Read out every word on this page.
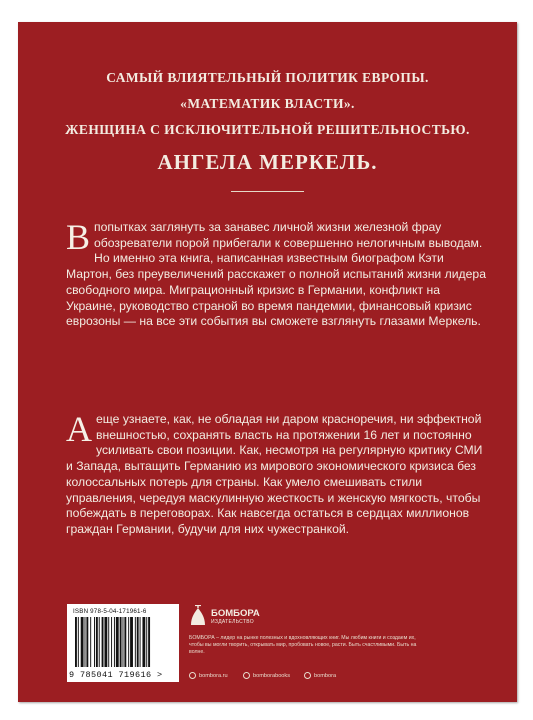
САМЫЙ ВЛИЯТЕЛЬНЫЙ ПОЛИТИК ЕВРОПЫ.
«МАТЕМАТИК ВЛАСТИ».
ЖЕНЩИНА С ИСКЛЮЧИТЕЛЬНОЙ РЕШИТЕЛЬНОСТЬЮ.
АНГЕЛА МЕРКЕЛЬ.
В попытках заглянуть за занавес личной жизни железной фрау обозреватели порой прибегали к совершенно нелогичным выводам. Но именно эта книга, написанная известным биографом Кэти Мартон, без преувеличений расскажет о полной испытаний жизни лидера свободного мира. Миграционный кризис в Германии, конфликт на Украине, руководство страной во время пандемии, финансовый кризис еврозоны — на все эти события вы сможете взглянуть глазами Меркель.
А еще узнаете, как, не обладая ни даром красноречия, ни эффектной внешностью, сохранять власть на протяжении 16 лет и постоянно усиливать свои позиции. Как, несмотря на регулярную критику СМИ и Запада, вытащить Германию из мирового экономического кризиса без колоссальных потерь для страны. Как умело смешивать стили управления, чередуя маскулинную жесткость и женскую мягкость, чтобы побеждать в переговорах. Как навсегда остаться в сердцах миллионов граждан Германии, будучи для них чужестранкой.
ISBN 978-5-04-171961-6
9 785041 719616 >
БОМБОРА
ИЗДАТЕЛЬСТВО
БОМБОРА – лидер на рынке полезных и вдохновляющих книг. Мы любим книги и создаем их, чтобы вы могли творить, открывать мир, пробовать новое, расти. Быть счастливыми. Быть на волне.
bombora.ru	bomborabooks	bombora
